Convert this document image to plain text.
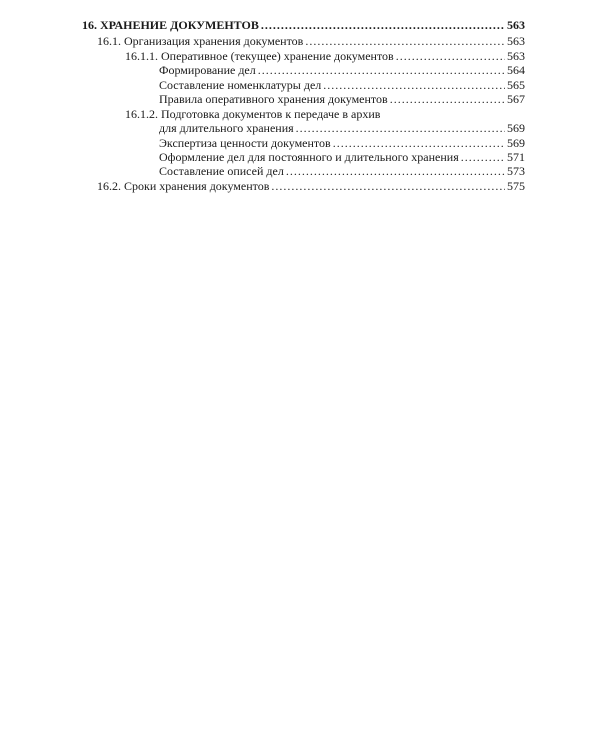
16. ХРАНЕНИЕ ДОКУМЕНТОВ .....	563
16.1. Организация хранения документов .....	563
16.1.1. Оперативное (текущее) хранение документов .....	563
Формирование дел .....	564
Составление номенклатуры дел .....	565
Правила оперативного хранения документов .....	567
16.1.2. Подготовка документов к передаче в архив
для длительного хранения .....	569
Экспертиза ценности документов .....	569
Оформление дел для постоянного и длительного хранения .....	571
Составление описей дел .....	573
16.2. Сроки хранения документов .....	575
